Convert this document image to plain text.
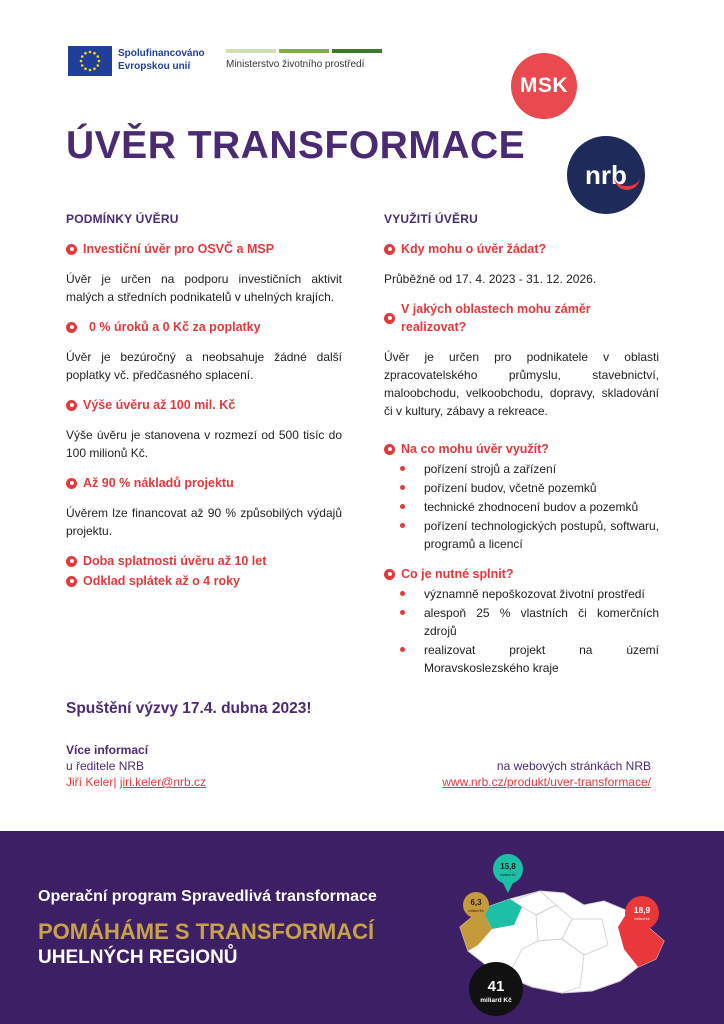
Spolufinancováno
Evropskou unií	Ministerstvo životního prostředí
MSK
nrb
ÚVĚR TRANSFORMACE
PODMÍNKY ÚVĚRU
Investiční úvěr pro OSVČ a MSP

Úvěr je určen na podporu investičních aktivit malých a středních podnikatelů v uhelných krajích.

0 % úroků a 0 Kč za poplatky

Úvěr je bezúročný a neobsahuje žádné další poplatky vč. předčasného splacení.

Výše úvěru až 100 mil. Kč

Výše úvěru je stanovena v rozmezí od 500 tisíc do 100 milionů Kč.

Až 90 % nákladů projektu

Úvěrem lze financovat až 90 % způsobilých výdajů projektu.

Doba splatnosti úvěru až 10 let
Odklad splátek až o 4 roky
VYUŽITÍ ÚVĚRU
Kdy mohu o úvěr žádat?

Průběžně od 17. 4. 2023 - 31. 12. 2026.

V jakých oblastech mohu záměr realizovat?

Úvěr je určen pro podnikatele v oblasti zpracovatelského průmyslu, stavebnictví, maloobchodu, velkoobchodu, dopravy, skladování či v kultury, zábavy a rekreace.

Na co mohu úvěr využít?
pořízení strojů a zařízení
pořízení budov, včetně pozemků
technické zhodnocení budov a pozemků
pořízení technologických postupů, softwaru, programů a licencí
Co je nutné splnit?
významně nepoškozovat životní prostředí
alespoň 25 % vlastních či komerčních zdrojů
realizovat projekt na území Moravskoslezského kraje
Spuštění výzvy 17.4. dubna 2023!
Více informací
u ředitele NRB
Jiří Keler| jiri.keler@nrb.cz
na webových stránkách NRB
www.nrb.cz/produkt/uver-transformace/
Operační program Spravedlivá transformace
POMÁHÁME S TRANSFORMACÍ
UHELNÝCH REGIONŮ
15,8
miliard Kč
6,3
miliard Kč	18,9
miliard Kč
41
miliard Kč
